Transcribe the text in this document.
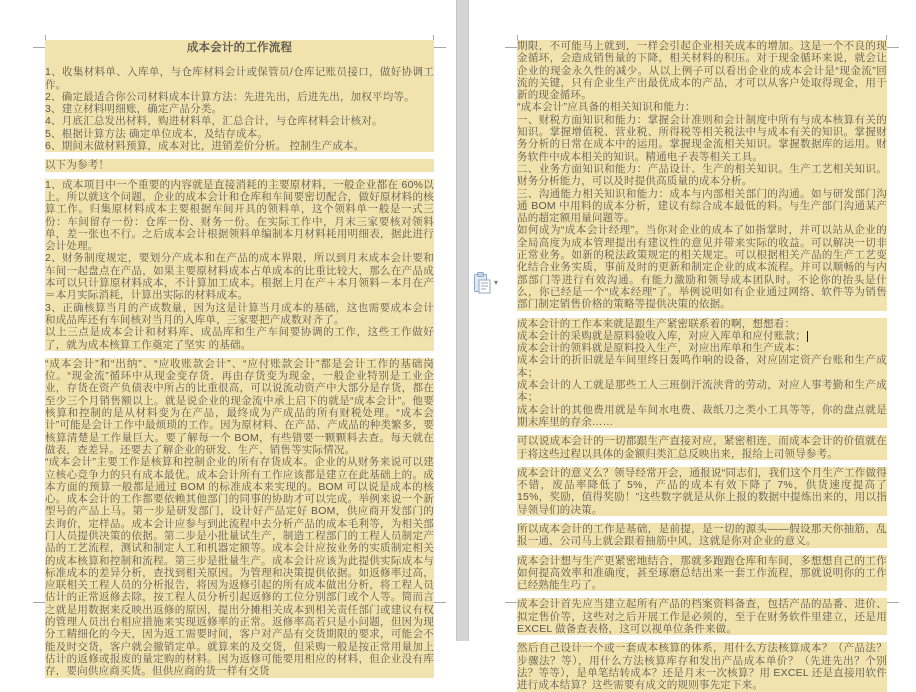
成本会计的工作流程
1、收集材料单、入库单，与仓库材料会计或保管员/仓库记账员接口，做好协调工作。
2、确定最适合你公司材料成本计算方法：先进先出，后进先出，加权平均等。
3、建立材料明细账，确定产品分类。
4、月底汇总发出材料，购进材料单，汇总合计，与仓库材料会计核对。
5、根据计算方法 确定单位成本，及结存成本。
6、期间末做材料预算，成本对比，进销差价分析。 控制生产成本。
以下为参考！
1、成本项目中一个重要的内容就是直接消耗的主要原材料，一般企业都在 60%以上。所以就这个问题，企业的成本会计和仓库和车间要密切配合，做好原材料的核算工作。归集原材料成本主要根据车间开具的领料单，这个领料单一般是一式三份：车间留存一份：仓库一份、财务一份。在实际工作中，月末三家要核对领料单，差一张也不行。之后成本会计根据领料单编制本月材料耗用明细表，据此进行会计处理。
2、财务制度规定，要划分产成本和在产品的成本界限，所以到月末成本会计要和车间一起盘点在产品，如果主要原材料成本占单成本的比重比较大，那么在产品成本可以只计算原材料成本，不计算加工成本。根据上月在产＋本月领料－本月在产＝本月实际消耗，计算出实际的材料成本。
3、正确核算当月的产成数量，因为这是计算当月成本的基础，这也需要成本会计和成品库还有车间核对当月的入库单，三家要把产成数对齐了。
以上三点是成本会计和材料库、成品库和生产车间要协调的工作，这些工作做好了，就为成本核算工作奠定了坚实 的基础。
“成本会计”和“出纳”、“应收账款会计”、“应付账款会计”都是会计工作的基础岗位。“现金流”循环中从现金变存货，再由存货变为现金，一般企业特别是工业企业，存货在资产负债表中所占的比重很高，可以说流动资产中大部分是存货，都在至少三个月销售额以上。就是说企业的现金流中承上启下的就是“成本会计”。他要核算和控制的是从材料变为在产品，最终成为产成品的所有财税处理。“成本会计”可能是会计工作中最烦琐的工作。因为原材料、在产品、产成品的种类繁多，要核算清楚是工作量巨大。要了解每一个 BOM，有些错要一颗颗料去查。每天就在做表，查差异。还要去了解企业的研发、生产、销售等实际情况。
“成本会计”主要工作是核算和控制企业的所有存货成本。企业的从财务来说可以建立核心竞争力的只有成本最优。成本会计所有工作应该都是建立在此基础上的。成本方面的预算一般都是通过 BOM 的标准成本来实现的。BOM 可以说是成本的核心。成本会计的工作都要依赖其他部门的同事的协助才可以完成。举例来说一个新型号的产品上马。第一步是研发部门，设计好产品定好 BOM，供应商开发部门的去询价，定样品。成本会计应参与到此流程中去分析产品的成本毛利等，为相关部门人员提供决策的依据。第二步是小批量试生产，制造工程部门的工程人员制定产品的工艺流程，测试和制定人工和机器定额等。成本会计应按业务的实质制定相关的成本核算和控制和流程。第三步是批量生产。成本会计应该为此提供实际成本与标准成本的差异分析，查找到相关原因。为管理和决策提供依据。如返修率过高，应联相关工程人员的分析报告，将因为返修引起的所有成本做出分析，将工程人员估计的正常返修去除，按工程人员分析引起返修的工位分别部门或个人等。简而言之就是用数据来反映出返修的原因，提出分摊相关成本到相关责任部门或建议有权的管理人员出台相应措施来实现返修率的正常。返修率高若只是小问题，但因为现分工精细化的今天，因为返工需要时间，客户对产品有交货期限的要求，可能会不能及时交货，客户就会撤销定单。就算来的及交货，但采购一般是按正常用量加上估计的返修或报废的量定购的材料。因为返修可能要用相应的材料，但企业没有库存，要向供应商买货。但供应商的货一样有交货
期限，不可能马上就到，一样会引起企业相关成本的增加。这是一个不良的现金循环，会造成销售量的下降，相关材料的积压。对于现金循环来说，就会让企业的现金永久性的减少。从以上例子可以看出企业的成本会计是“现金流”回流的关键，只有企业生产出最优成本的产品，才可以从客户处取得现金，用于新的现金循环。
“成本会计”应具备的相关知识和能力：
一、财税方面知识和能力：掌握会计准则和会计制度中所有与成本核算有关的知识。掌握增值税、营业税、所得税等相关税法中与成本有关的知识。掌握财务分析的日常在成本中的运用。掌握现金流相关知识。掌握数据库的运用。财务软件中成本相关的知识。精通电子表等相关工具。
二、业务方面知识和能力：产品设计、生产的相关知识。生产工艺相关知识。财务分析能力，可以及时提供高质量的成本分析。
三、沟通能力相关知识和能力：成本与内部相关部门的沟通。如与研发部门沟通 BOM 中用料的成本分析，建议有综合成本最低的料。与生产部门沟通某产品的超定额用量问题等。
如何成为“成本会计经理”。当你对企业的成本了如指掌时，并可以站从企业的全局高度为成本管理提出有建议性的意见并带来实际的收益。可以解决一切非正常业务。如新的税法政策规定的相关规定。可以根据相关产品的生产工艺变化结合业务实质，事前及时的更新和制定企业的成本流程。并可以顺畅的与内部部门等进行有效沟通。有能力激励和领导成本团队时。不论你的抬头是什么，你已经是一个“成本经理”了。举例说明如有企业通过网络、软件等为销售部门制定销售价格的策略等提供决策的依据。
成本会计的工作本来就是跟生产紧密联系着的啊，想想看：
成本会计的采购就是原料验收入库，对应入库单和应付账款；
成本会计的领料就是原料投入生产，对应出库单和生产成本：
成本会计的折旧就是车间里终日轰鸣作响的设备，对应固定资产台账和生产成本；
成本会计的人工就是那些工人三班倒汗流浃背的劳动，对应人事考勤和生产成本；
成本会计的其他费用就是车间水电费、裁纸刀之类小工具等等，你的盘点就是期末库里的存余……
可以说成本会计的一切都跟生产直接对应，紧密相连，而成本会计的价值就在于将这些过程以具体的金额归类汇总反映出来，报给上司领导参考。
成本会计的意义么？领导经常开会，通报说“同志们，我们这个月生产工作做得不错，废品率降低了 5%，产品的成本有效下降了 7%，供货速度提高了 15%，奖励，值得奖励！”这些数字就是从你上报的数据中提炼出来的，用以指导领导们的决策。
所以成本会计的工作是基础，是前提，是一切的源头——假设那天你抽筋，乱报一通，公司马上就会跟着抽筋中风，这就是你对企业的意义。
成本会计想与生产更紧密地结合，那就多跑跑仓库和车间，多想想自己的工作如何提高效率和准确度，甚至琢磨总结出来一套工作流程，那就说明你的工作已经熟能生巧了。
成本会计首先应当建立起所有产品的档案资料备查，包括产品的品番、进价、拟定售价等，这些对之后开展工作是必须的，至于在财务软件里建立，还是用 EXCEL 做备查表格，这可以视单位条件来做。
然后自己设计一个或一套成本核算的体系，用什么方法核算成本？（产品法？步骤法？等），用什么方法核算库存和发出产品成本单价？（先进先出？个别法？等等），是单笔结转成本？还是月末一次核算？用 EXCEL 还是直接用软件进行成本结算？这些需要有成文的规则事先定下来。
▾
